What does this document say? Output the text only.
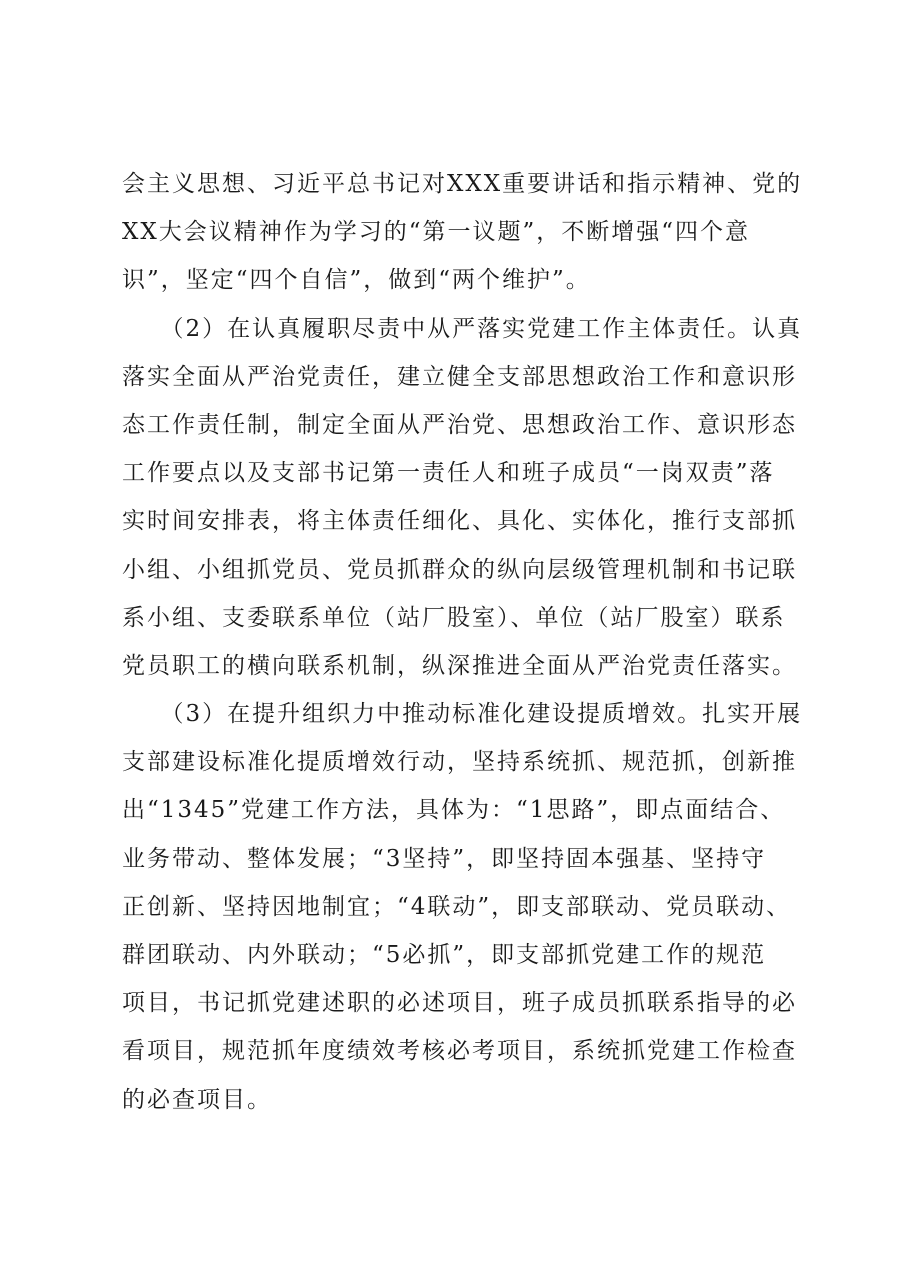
会主义思想、习近平总书记对XXX重要讲话和指示精神、党的
XX大会议精神作为学习的“第一议题”，不断增强“四个意
识”，坚定“四个自信”，做到“两个维护”。
　　（2）在认真履职尽责中从严落实党建工作主体责任。认真
落实全面从严治党责任，建立健全支部思想政治工作和意识形
态工作责任制，制定全面从严治党、思想政治工作、意识形态
工作要点以及支部书记第一责任人和班子成员“一岗双责”落
实时间安排表，将主体责任细化、具化、实体化，推行支部抓
小组、小组抓党员、党员抓群众的纵向层级管理机制和书记联
系小组、支委联系单位（站厂股室）、单位（站厂股室）联系
党员职工的横向联系机制，纵深推进全面从严治党责任落实。
　　（3）在提升组织力中推动标准化建设提质增效。扎实开展
支部建设标准化提质增效行动，坚持系统抓、规范抓，创新推
出“1345”党建工作方法，具体为：“1思路”，即点面结合、
业务带动、整体发展；“3坚持”，即坚持固本强基、坚持守
正创新、坚持因地制宜；“4联动”，即支部联动、党员联动、
群团联动、内外联动；“5必抓”，即支部抓党建工作的规范
项目，书记抓党建述职的必述项目，班子成员抓联系指导的必
看项目，规范抓年度绩效考核必考项目，系统抓党建工作检查
的必查项目。
